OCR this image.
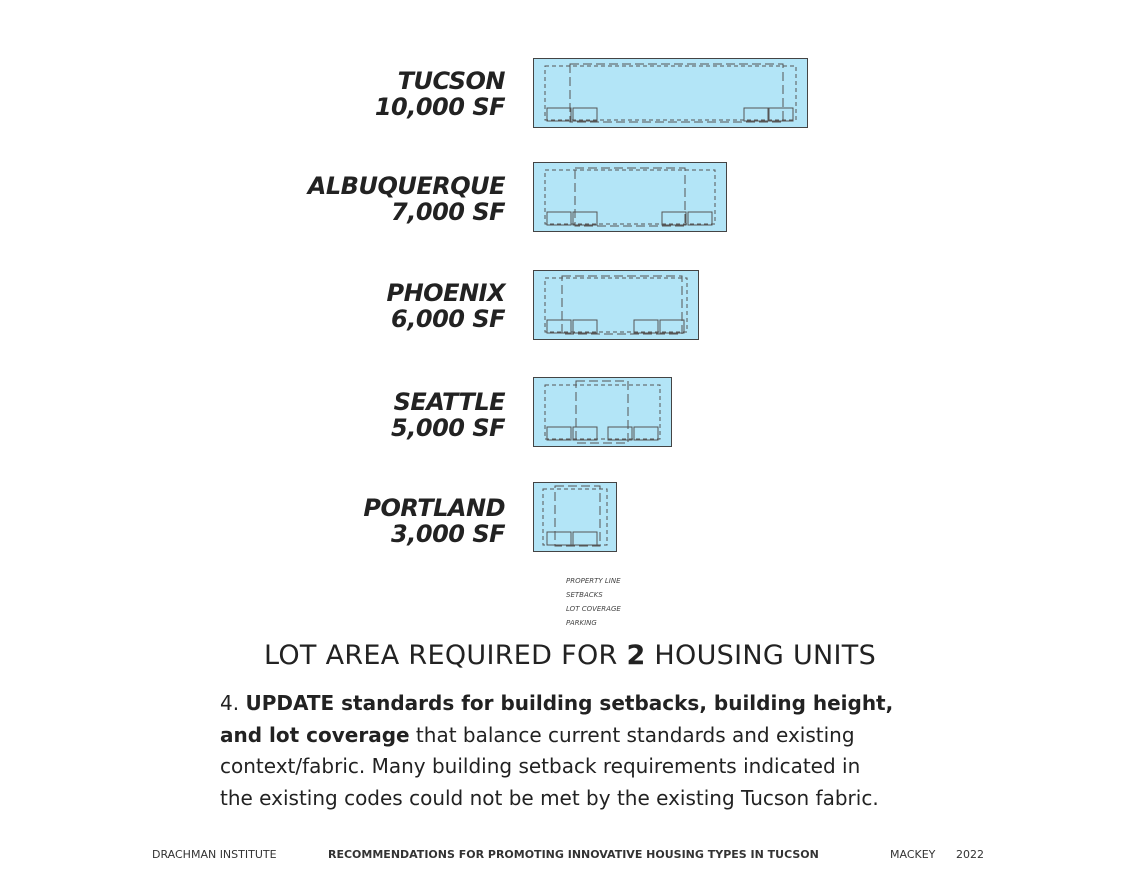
TUCSON
10,000 SF
ALBUQUERQUE
7,000 SF
PHOENIX
6,000 SF
SEATTLE
5,000 SF
PORTLAND
3,000 SF
PROPERTY LINE
SETBACKS
LOT COVERAGE
PARKING
LOT AREA REQUIRED FOR 2 HOUSING UNITS
4. UPDATE standards for building setbacks, building height,
and lot coverage that balance current standards and existing
context/fabric. Many building setback requirements indicated in
the existing codes could not be met by the existing Tucson fabric.
DRACHMAN INSTITUTE	RECOMMENDATIONS FOR PROMOTING INNOVATIVE HOUSING TYPES IN TUCSON	MACKEY 2022
